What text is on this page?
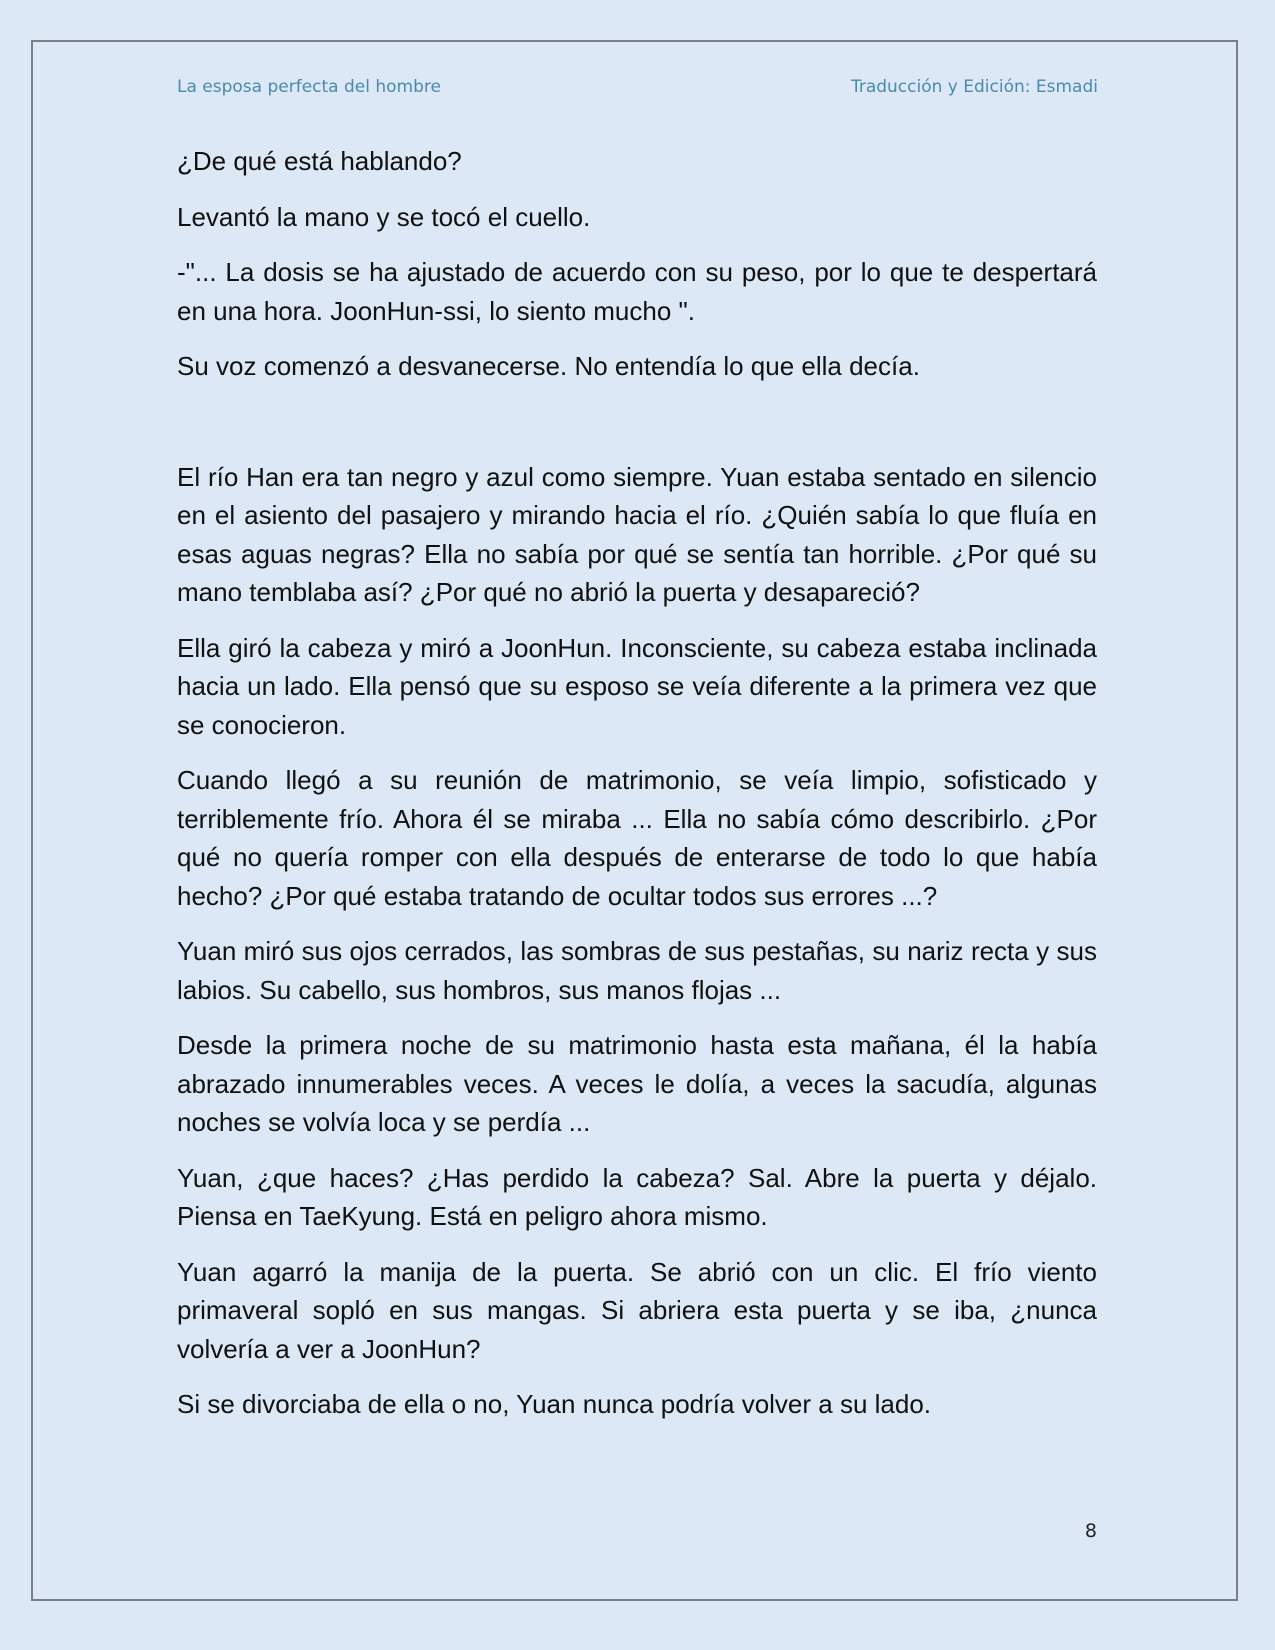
La esposa perfecta del hombre	Traducción y Edición: Esmadi

¿De qué está hablando?

Levantó la mano y se tocó el cuello.

-"... La dosis se ha ajustado de acuerdo con su peso, por lo que te despertará en una hora. JoonHun-ssi, lo siento mucho ".

Su voz comenzó a desvanecerse. No entendía lo que ella decía.

El río Han era tan negro y azul como siempre. Yuan estaba sentado en silencio en el asiento del pasajero y mirando hacia el río. ¿Quién sabía lo que fluía en esas aguas negras? Ella no sabía por qué se sentía tan horrible. ¿Por qué su mano temblaba así? ¿Por qué no abrió la puerta y desapareció?

Ella giró la cabeza y miró a JoonHun. Inconsciente, su cabeza estaba inclinada hacia un lado. Ella pensó que su esposo se veía diferente a la primera vez que se conocieron.

Cuando llegó a su reunión de matrimonio, se veía limpio, sofisticado y terriblemente frío. Ahora él se miraba ... Ella no sabía cómo describirlo. ¿Por qué no quería romper con ella después de enterarse de todo lo que había hecho? ¿Por qué estaba tratando de ocultar todos sus errores ...?

Yuan miró sus ojos cerrados, las sombras de sus pestañas, su nariz recta y sus labios. Su cabello, sus hombros, sus manos flojas ...

Desde la primera noche de su matrimonio hasta esta mañana, él la había abrazado innumerables veces. A veces le dolía, a veces la sacudía, algunas noches se volvía loca y se perdía ...

Yuan, ¿que haces? ¿Has perdido la cabeza? Sal. Abre la puerta y déjalo. Piensa en TaeKyung. Está en peligro ahora mismo.

Yuan agarró la manija de la puerta. Se abrió con un clic. El frío viento primaveral sopló en sus mangas. Si abriera esta puerta y se iba, ¿nunca volvería a ver a JoonHun?

Si se divorciaba de ella o no, Yuan nunca podría volver a su lado.

8
